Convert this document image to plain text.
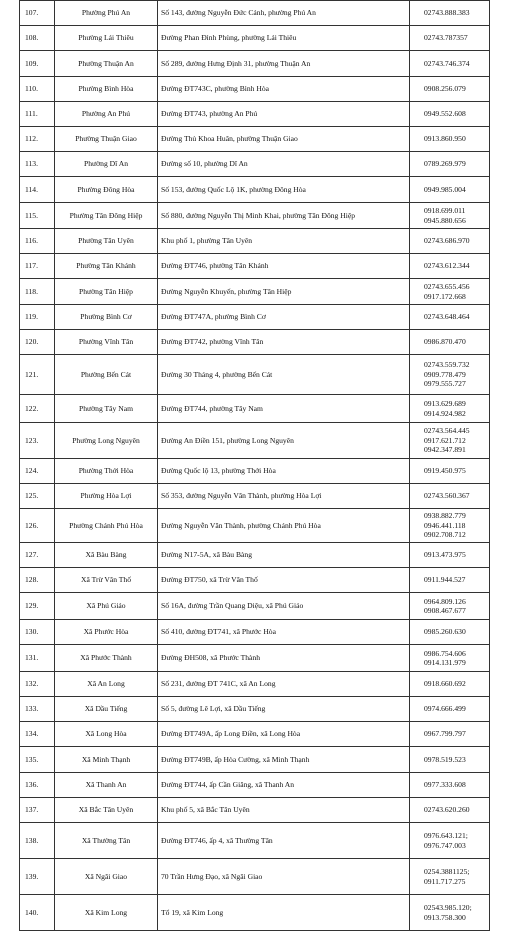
107.	Phường Phú An	Số 143, đường Nguyễn Đức Cảnh, phường Phú An	02743.888.383

108.	Phường Lái Thiêu	Đường Phan Đình Phùng, phường Lái Thiêu	02743.787357

109.	Phường Thuận An	Số 289, đường Hưng Định 31, phường Thuận An	02743.746.374

110.	Phường Bình Hòa	Đường ĐT743C, phường Bình Hòa	0908.256.079

111.	Phường An Phú	Đường ĐT743, phường An Phú	0949.552.608

112.	Phường Thuận Giao	Đường Thủ Khoa Huân, phường Thuận Giao	0913.860.950

113.	Phường Dĩ An	Đường số 10, phường Dĩ An	0789.269.979

114.	Phường Đông Hòa	Số 153, đường Quốc Lộ 1K, phường Đông Hòa	0949.985.004

115.	Phường Tân Đông Hiệp	Số 880, đường Nguyễn Thị Minh Khai, phường Tân Đông Hiệp	0918.699.011
0945.880.656

116.	Phường Tân Uyên	Khu phố 1, phường Tân Uyên	02743.686.970

117.	Phường Tân Khánh	Đường ĐT746, phường Tân Khánh	02743.612.344

118.	Phường Tân Hiệp	Đường Nguyễn Khuyến, phường Tân Hiệp	02743.655.456
0917.172.668

119.	Phường Bình Cơ	Đường ĐT747A, phường Bình Cơ	02743.648.464

120.	Phường Vĩnh Tân	Đường ĐT742, phường Vĩnh Tân	0986.870.470

121.	Phường Bến Cát	Đường 30 Tháng 4, phường Bến Cát	02743.559.732
0909.778.479
0979.555.727

122.	Phường Tây Nam	Đường ĐT744, phường Tây Nam	0913.629.689
0914.924.982

123.	Phường Long Nguyên	Đường An Điền 151, phường Long Nguyên	02743.564.445
0917.621.712
0942.347.891

124.	Phường Thới Hòa	Đường Quốc lộ 13, phường Thới Hòa	0919.450.975

125.	Phường Hòa Lợi	Số 353, đường Nguyễn Văn Thành, phường Hòa Lợi	02743.560.367

126.	Phường Chánh Phú Hòa	Đường Nguyễn Văn Thành, phường Chánh Phú Hòa	0938.882.779
0946.441.118
0902.708.712

127.	Xã Bàu Bàng	Đường N17-5A, xã Bàu Bàng	0913.473.975

128.	Xã Trừ Văn Thố	Đường ĐT750, xã Trừ Văn Thố	0911.944.527

129.	Xã Phú Giáo	Số 16A, đường Trần Quang Diệu, xã Phú Giáo	0964.809.126
0908.467.677

130.	Xã Phước Hòa	Số 410, đường ĐT741, xã Phước Hòa	0985.260.630

131.	Xã Phước Thành	Đường ĐH508, xã Phước Thành	0986.754.606
0914.131.979

132.	Xã An Long	Số 231, đường ĐT 741C, xã An Long	0918.660.692

133.	Xã Dầu Tiếng	Số 5, đường Lê Lợi, xã Dầu Tiếng	0974.666.499

134.	Xã Long Hòa	Đường ĐT749A, ấp Long Điền, xã Long Hòa	0967.799.797

135.	Xã Minh Thạnh	Đường ĐT749B, ấp Hòa Cường, xã Minh Thạnh	0978.519.523

136.	Xã Thanh An	Đường ĐT744, ấp Cần Giăng, xã Thanh An	0977.333.608

137.	Xã Bắc Tân Uyên	Khu phố 5, xã Bắc Tân Uyên	02743.620.260

138.	Xã Thường Tân	Đường ĐT746, ấp 4, xã Thường Tân	0976.643.121;
0976.747.003

139.	Xã Ngãi Giao	70 Trần Hưng Đạo, xã Ngãi Giao	0254.3881125;
0911.717.275

140.	Xã Kim Long	Tổ 19, xã Kim Long	02543.985.120;
0913.758.300
